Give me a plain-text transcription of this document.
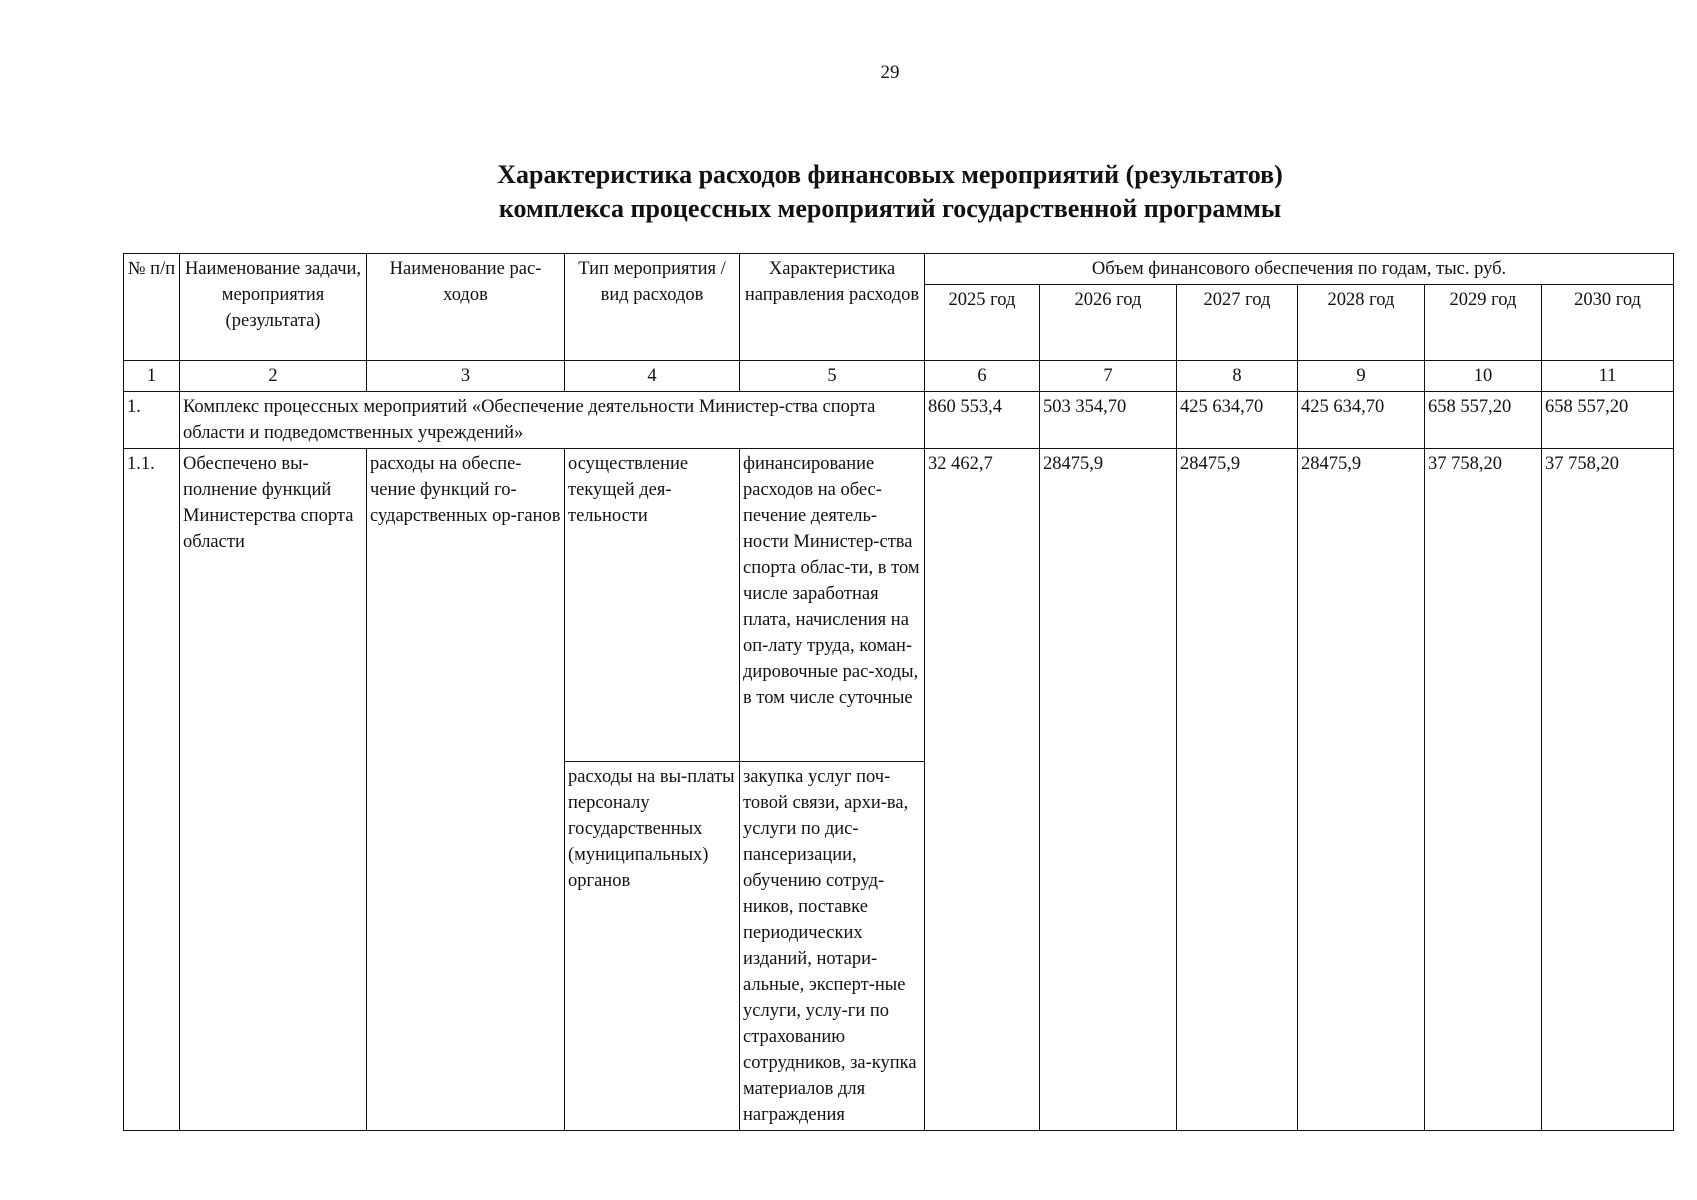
29
Характеристика расходов финансовых мероприятий (результатов)
комплекса процессных мероприятий государственной программы
№ п/п	Наименование задачи, мероприятия (результата)	Наименование рас-ходов	Тип мероприятия / вид расходов	Характеристика направления расходов	Объем финансового обеспечения по годам, тыс. руб.					
					2025 год	2026 год	2027 год	2028 год	2029 год	2030 год
1	2	3	4	5	6	7	8	9	10	11
1.	Комплекс процессных мероприятий «Обеспечение деятельности Министер-ства спорта области и подведомственных учреждений»				860 553,4	503 354,70	425 634,70	425 634,70	658 557,20	658 557,20
1.1.	Обеспечено вы-полнение функций Министерства спорта области	расходы на обеспе-чение функций го-сударственных ор-ганов	осуществление текущей дея-тельности	финансирование расходов на обес-печение деятель-ности Министер-ства спорта облас-ти, в том числе заработная плата, начисления на оп-лату труда, коман-дировочные рас-ходы, в том числе суточные	32 462,7	28475,9	28475,9	28475,9	37 758,20	37 758,20
			расходы на вы-платы персоналу государственных (муниципальных) органов	закупка услуг поч-товой связи, архи-ва, услуги по дис-пансеризации, обучению сотруд-ников, поставке периодических изданий, нотари-альные, эксперт-ные услуги, услу-ги по страхованию сотрудников, за-купка материалов для награждения						
